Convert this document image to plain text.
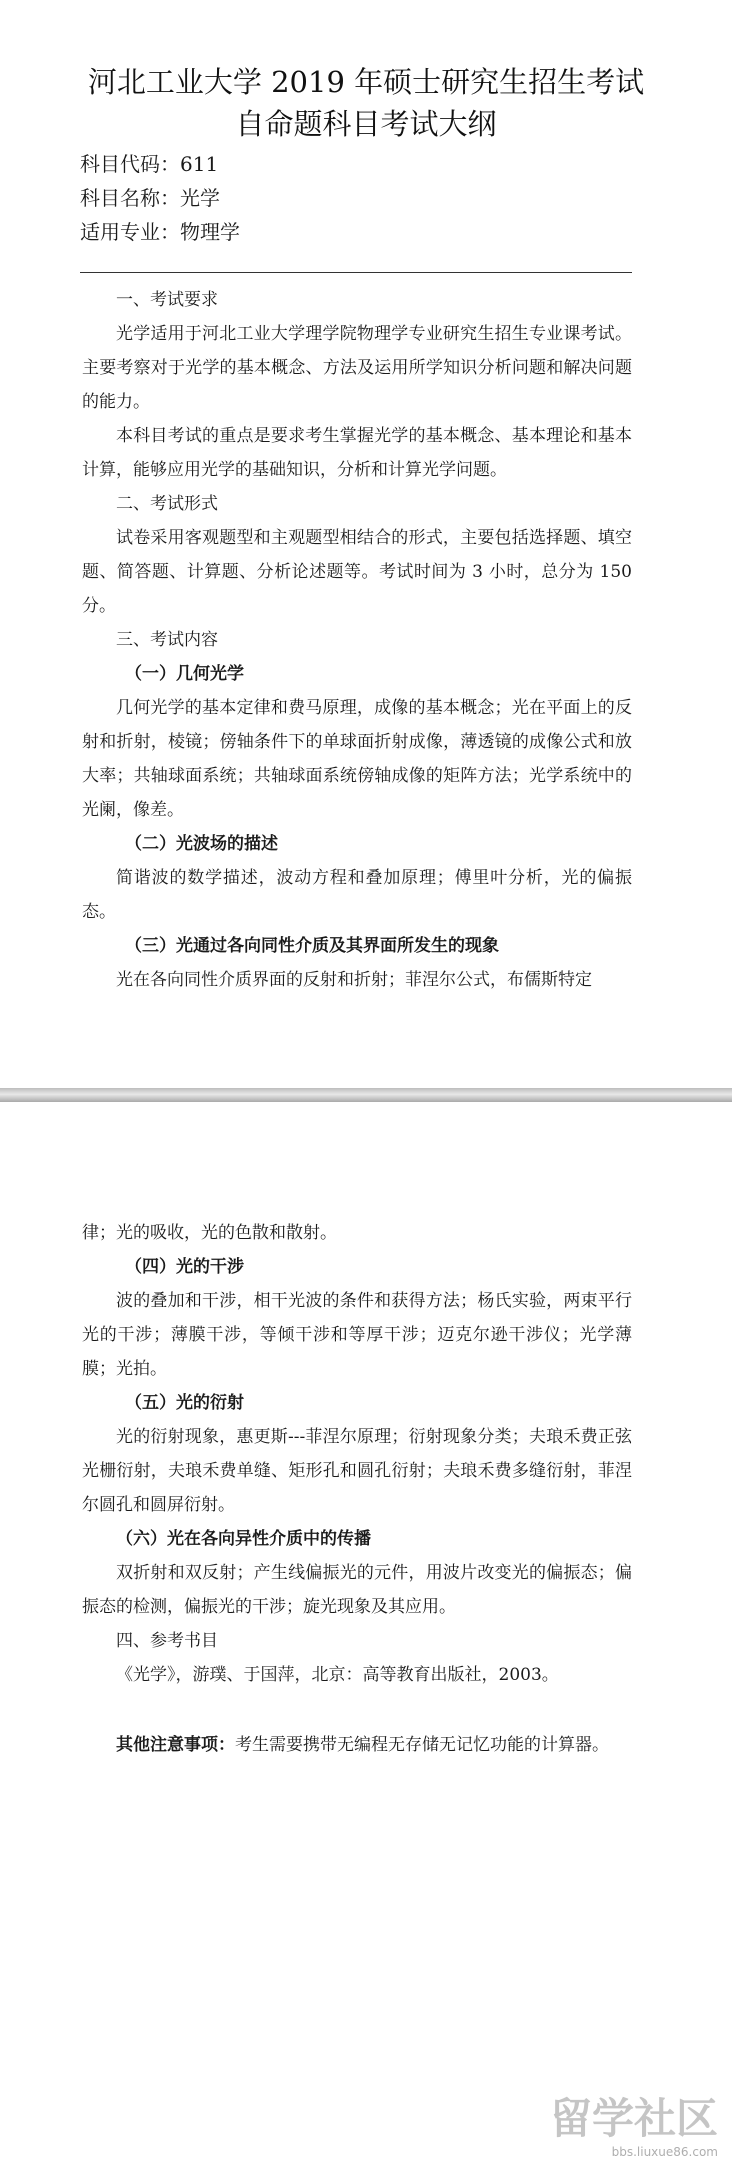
河北工业大学 2019 年硕士研究生招生考试
自命题科目考试大纲
科目代码：611
科目名称：光学
适用专业：物理学
一、考试要求

光学适用于河北工业大学理学院物理学专业研究生招生专业课考试。主要考察对于光学的基本概念、方法及运用所学知识分析问题和解决问题的能力。

本科目考试的重点是要求考生掌握光学的基本概念、基本理论和基本计算，能够应用光学的基础知识，分析和计算光学问题。

二、考试形式

试卷采用客观题型和主观题型相结合的形式，主要包括选择题、填空题、简答题、计算题、分析论述题等。考试时间为 3 小时，总分为 150 分。

三、考试内容
（一）几何光学

几何光学的基本定律和费马原理，成像的基本概念；光在平面上的反射和折射，棱镜；傍轴条件下的单球面折射成像，薄透镜的成像公式和放大率；共轴球面系统；共轴球面系统傍轴成像的矩阵方法；光学系统中的光阑，像差。

（二）光波场的描述

简谐波的数学描述，波动方程和叠加原理；傅里叶分析，光的偏振态。

（三）光通过各向同性介质及其界面所发生的现象

光在各向同性介质界面的反射和折射；菲涅尔公式，布儒斯特定

律；光的吸收，光的色散和散射。

（四）光的干涉

波的叠加和干涉，相干光波的条件和获得方法；杨氏实验，两束平行光的干涉；薄膜干涉，等倾干涉和等厚干涉；迈克尔逊干涉仪；光学薄膜；光拍。

（五）光的衍射

光的衍射现象，惠更斯---菲涅尔原理；衍射现象分类；夫琅禾费正弦光栅衍射，夫琅禾费单缝、矩形孔和圆孔衍射；夫琅禾费多缝衍射，菲涅尔圆孔和圆屏衍射。

（六）光在各向异性介质中的传播

双折射和双反射；产生线偏振光的元件，用波片改变光的偏振态；偏振态的检测，偏振光的干涉；旋光现象及其应用。

四、参考书目

《光学》，游璞、于国萍，北京：高等教育出版社，2003。

其他注意事项：考生需要携带无编程无存储无记忆功能的计算器。

留学社区
bbs.liuxue86.com
